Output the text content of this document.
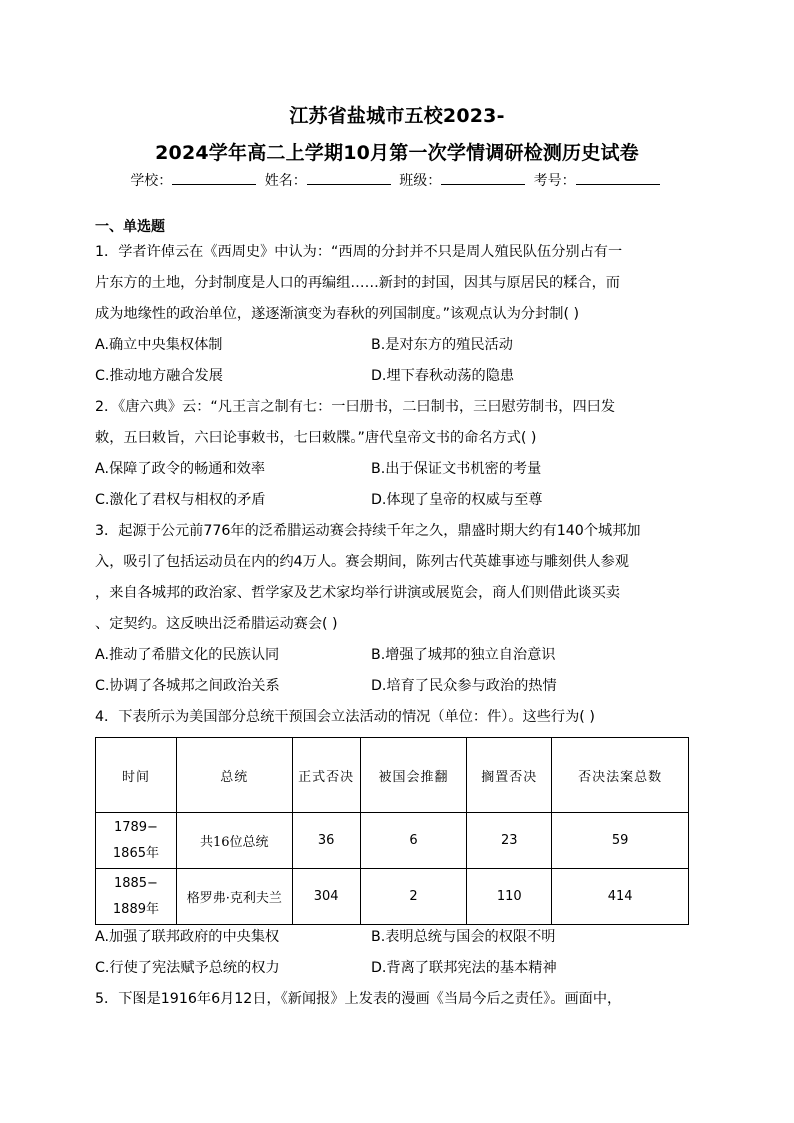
江苏省盐城市五校2023-
2024学年高二上学期10月第一次学情调研检测历史试卷
学校：	姓名：	班级：	考号：
一、单选题
1．学者许倬云在《西周史》中认为：“西周的分封并不只是周人殖民队伍分别占有一
片东方的土地，分封制度是人口的再编组……新封的封国，因其与原居民的糅合，而
成为地缘性的政治单位，遂逐渐演变为春秋的列国制度。”该观点认为分封制( )
A.确立中央集权体制	B.是对东方的殖民活动
C.推动地方融合发展	D.埋下春秋动荡的隐患
2．《唐六典》云：“凡王言之制有七：一曰册书，二曰制书，三曰慰劳制书，四曰发
敕，五曰敕旨，六曰论事敕书，七曰敕牒。”唐代皇帝文书的命名方式( )
A.保障了政令的畅通和效率	B.出于保证文书机密的考量
C.激化了君权与相权的矛盾	D.体现了皇帝的权威与至尊
3．起源于公元前776年的泛希腊运动赛会持续千年之久，鼎盛时期大约有140个城邦加
入，吸引了包括运动员在内的约4万人。赛会期间，陈列古代英雄事迹与雕刻供人参观
，来自各城邦的政治家、哲学家及艺术家均举行讲演或展览会，商人们则借此谈买卖
、定契约。这反映出泛希腊运动赛会( )
A.推动了希腊文化的民族认同	B.增强了城邦的独立自治意识
C.协调了各城邦之间政治关系	D.培育了民众参与政治的热情
4．下表所示为美国部分总统干预国会立法活动的情况（单位：件）。这些行为( )
时间	总统	正式否决	被国会推翻	搁置否决	否决法案总数

1789−
1865年	共16位总统	36	6	23	59

1885−
1889年	格罗弗·克利夫兰	304	2	110	414
A.加强了联邦政府的中央集权	B.表明总统与国会的权限不明
C.行使了宪法赋予总统的权力	D.背离了联邦宪法的基本精神
5．下图是1916年6月12日，《新闻报》上发表的漫画《当局今后之责任》。画面中，
